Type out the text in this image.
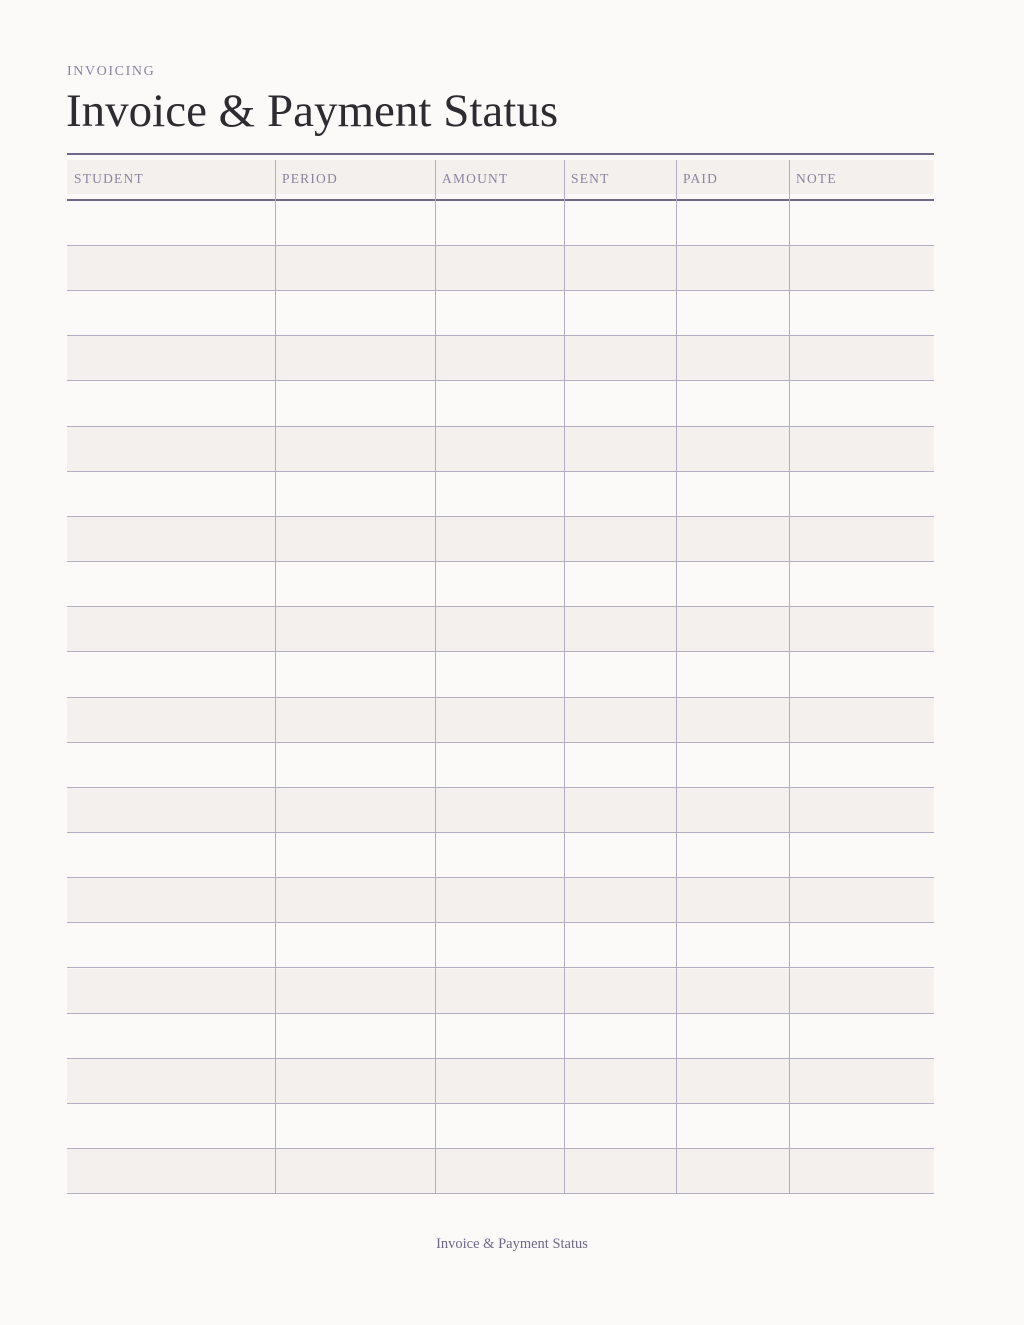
INVOICING
Invoice & Payment Status
STUDENT	PERIOD	AMOUNT	SENT	PAID	NOTE
Invoice & Payment Status
